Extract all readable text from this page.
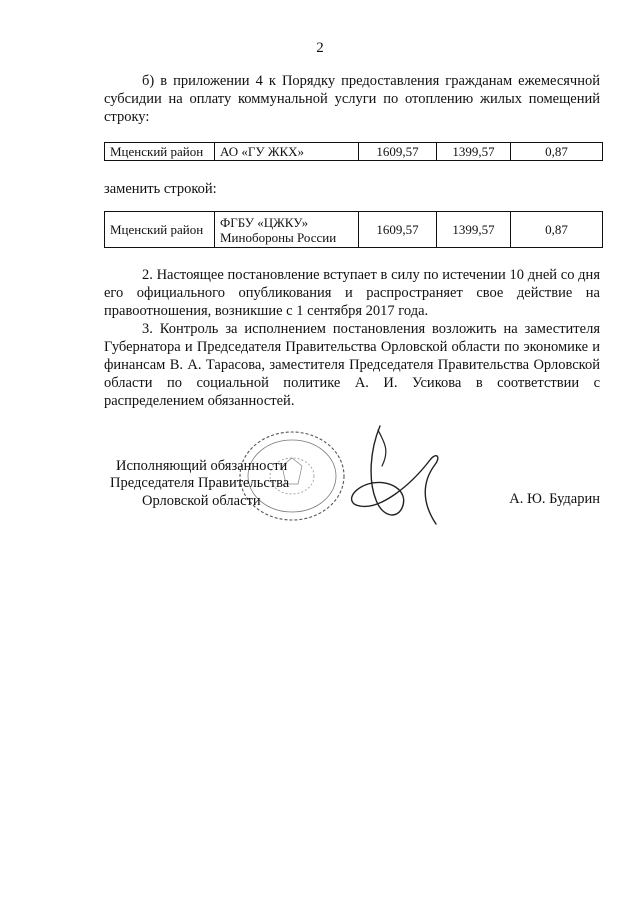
2

б) в приложении 4 к Порядку предоставления гражданам ежемесячной субсидии на оплату коммунальной услуги по отоплению жилых помещений строку:

Мценский район	АО «ГУ ЖКХ»	1609,57	1399,57	0,87

заменить строкой:

Мценский район	ФГБУ «ЦЖКУ»
Минобороны России	1609,57	1399,57	0,87

2. Настоящее постановление вступает в силу по истечении 10 дней со дня его официального опубликования и распространяет свое действие на правоотношения, возникшие с 1 сентября 2017 года.

3. Контроль за исполнением постановления возложить на заместителя Губернатора и Председателя Правительства Орловской области по экономике и финансам В. А. Тарасова, заместителя Председателя Правительства Орловской области по социальной политике А. И. Усикова в соответствии с распределением обязанностей.

Исполняющий обязанности

Председателя Правительства

Орловской области	А. Ю. Бударин
